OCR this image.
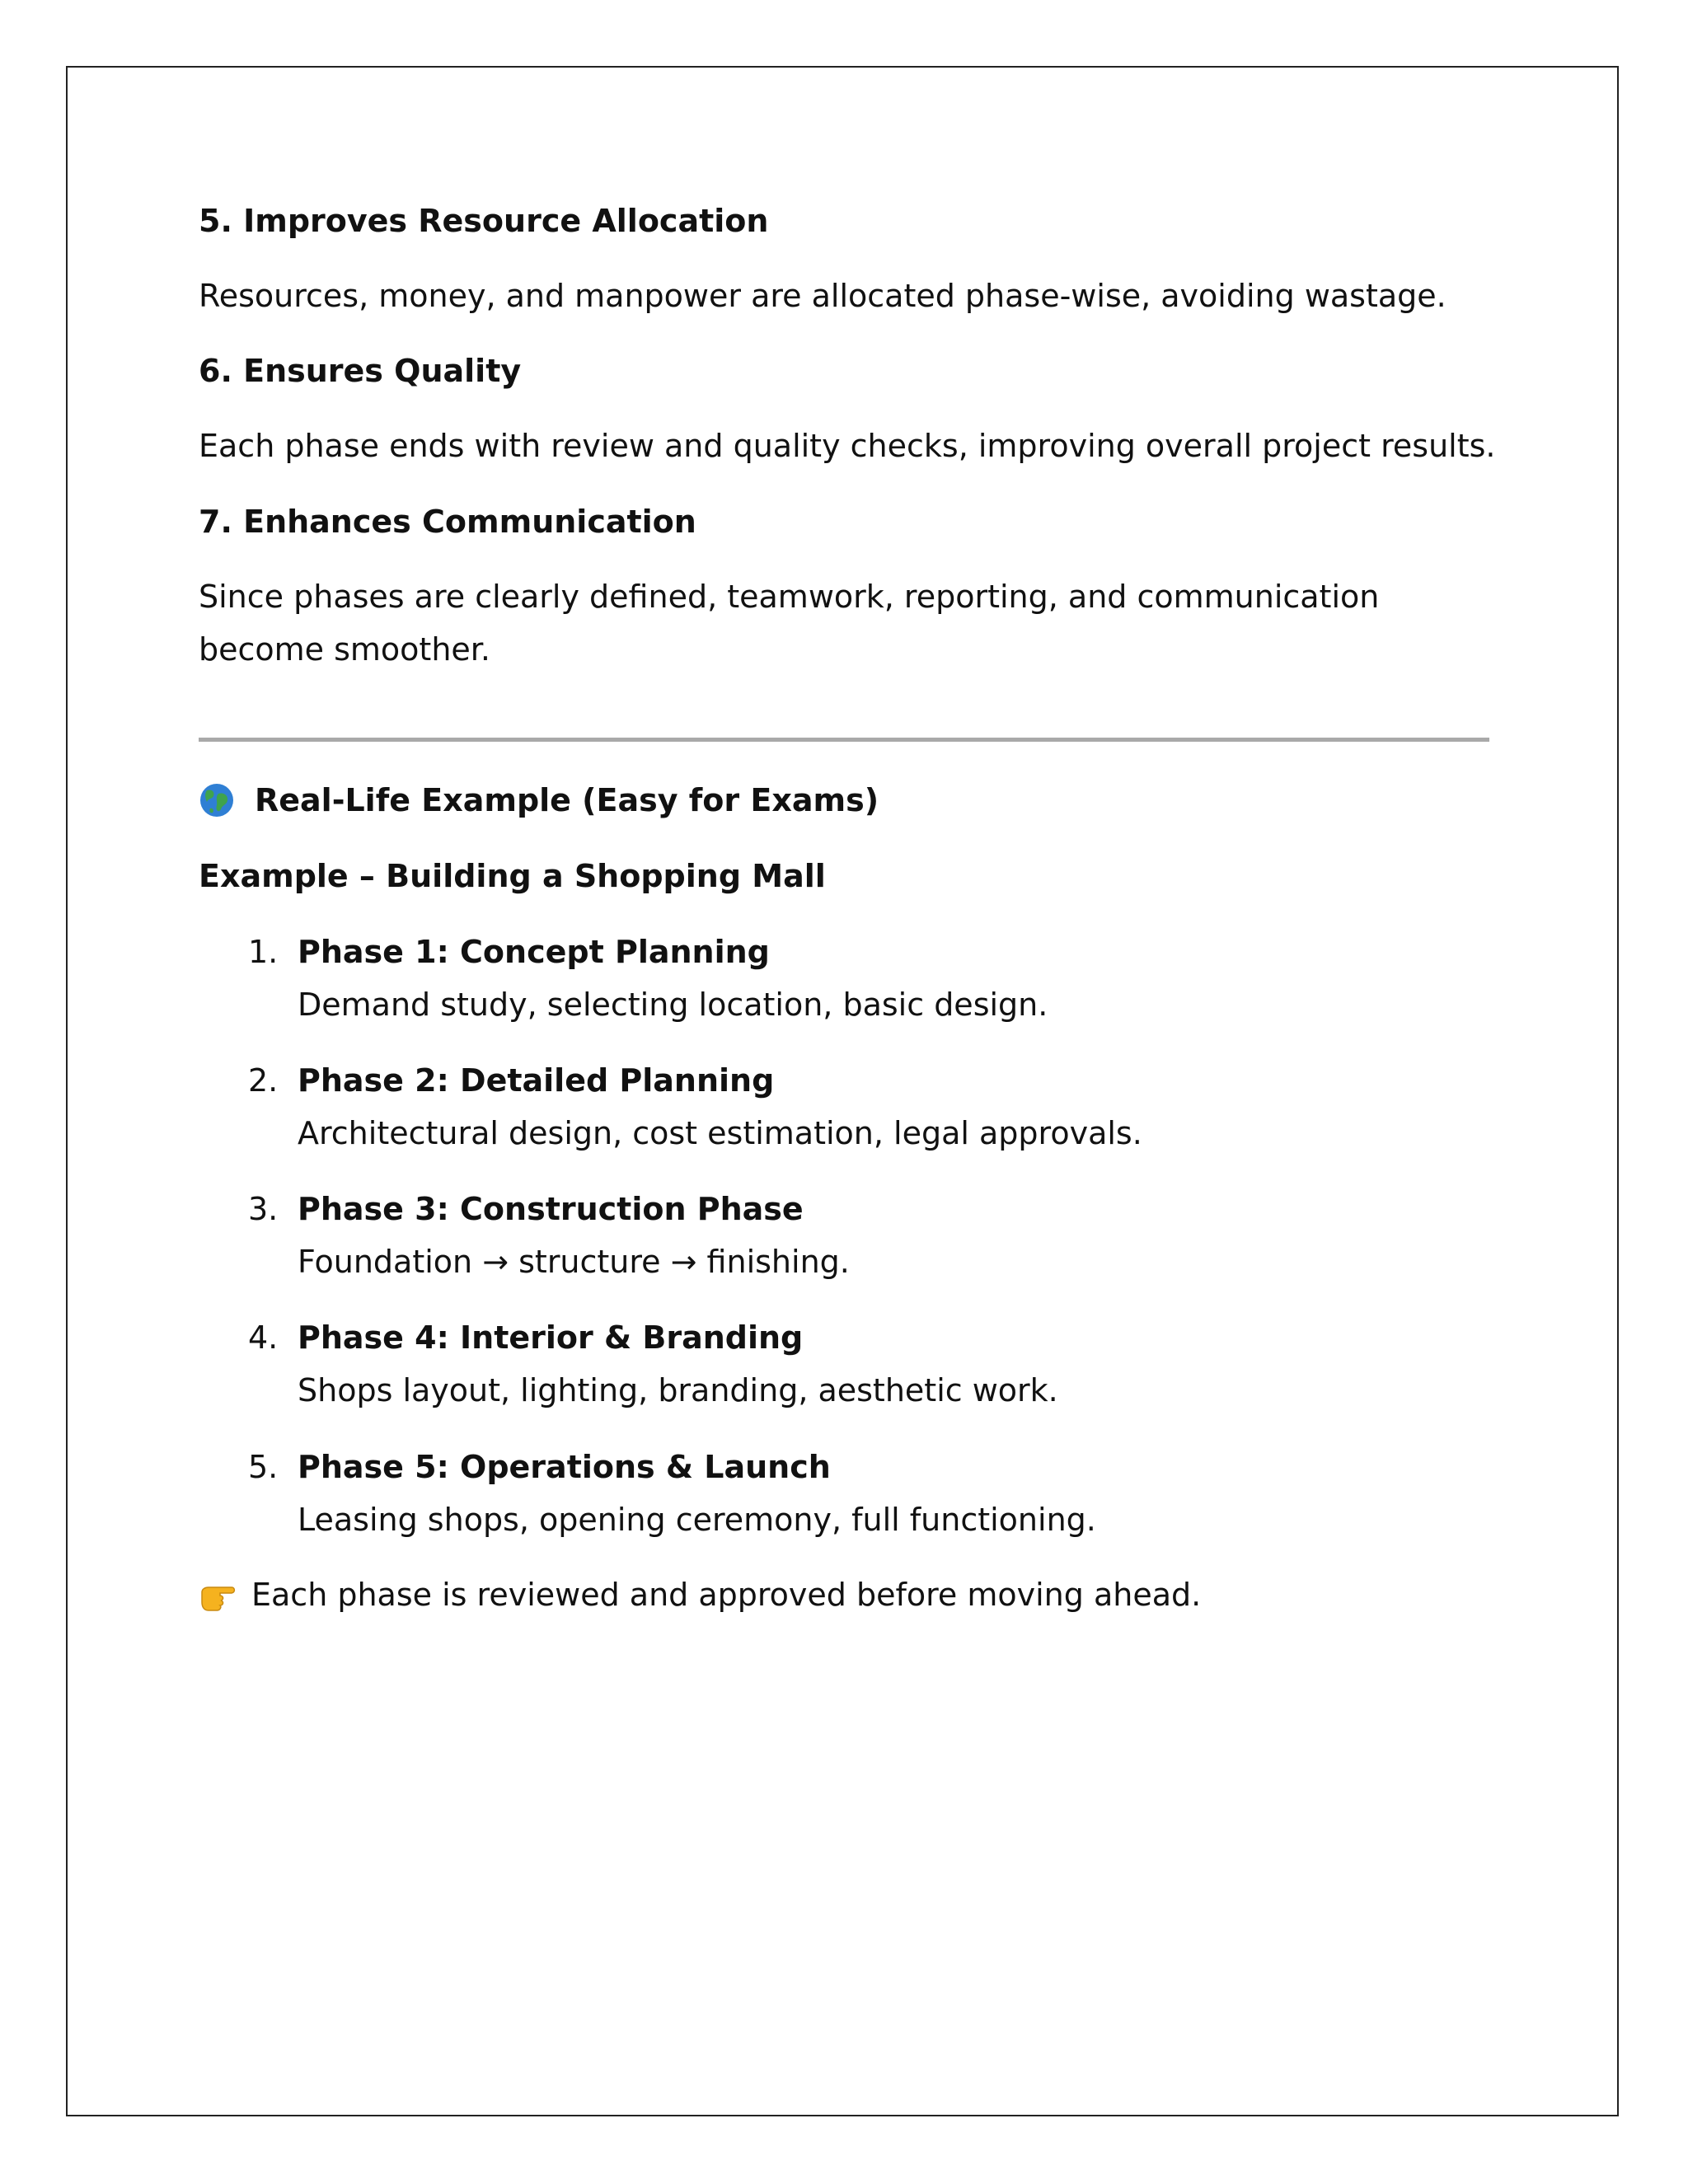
5. Improves Resource Allocation
Resources, money, and manpower are allocated phase-wise, avoiding wastage.
6. Ensures Quality
Each phase ends with review and quality checks, improving overall project results.
7. Enhances Communication
Since phases are clearly defined, teamwork, reporting, and communication become smoother.
Real-Life Example (Easy for Exams)
Example – Building a Shopping Mall
1. Phase 1: Concept Planning
Demand study, selecting location, basic design.
2. Phase 2: Detailed Planning
Architectural design, cost estimation, legal approvals.
3. Phase 3: Construction Phase
Foundation → structure → finishing.
4. Phase 4: Interior & Branding
Shops layout, lighting, branding, aesthetic work.
5. Phase 5: Operations & Launch
Leasing shops, opening ceremony, full functioning.
Each phase is reviewed and approved before moving ahead.
